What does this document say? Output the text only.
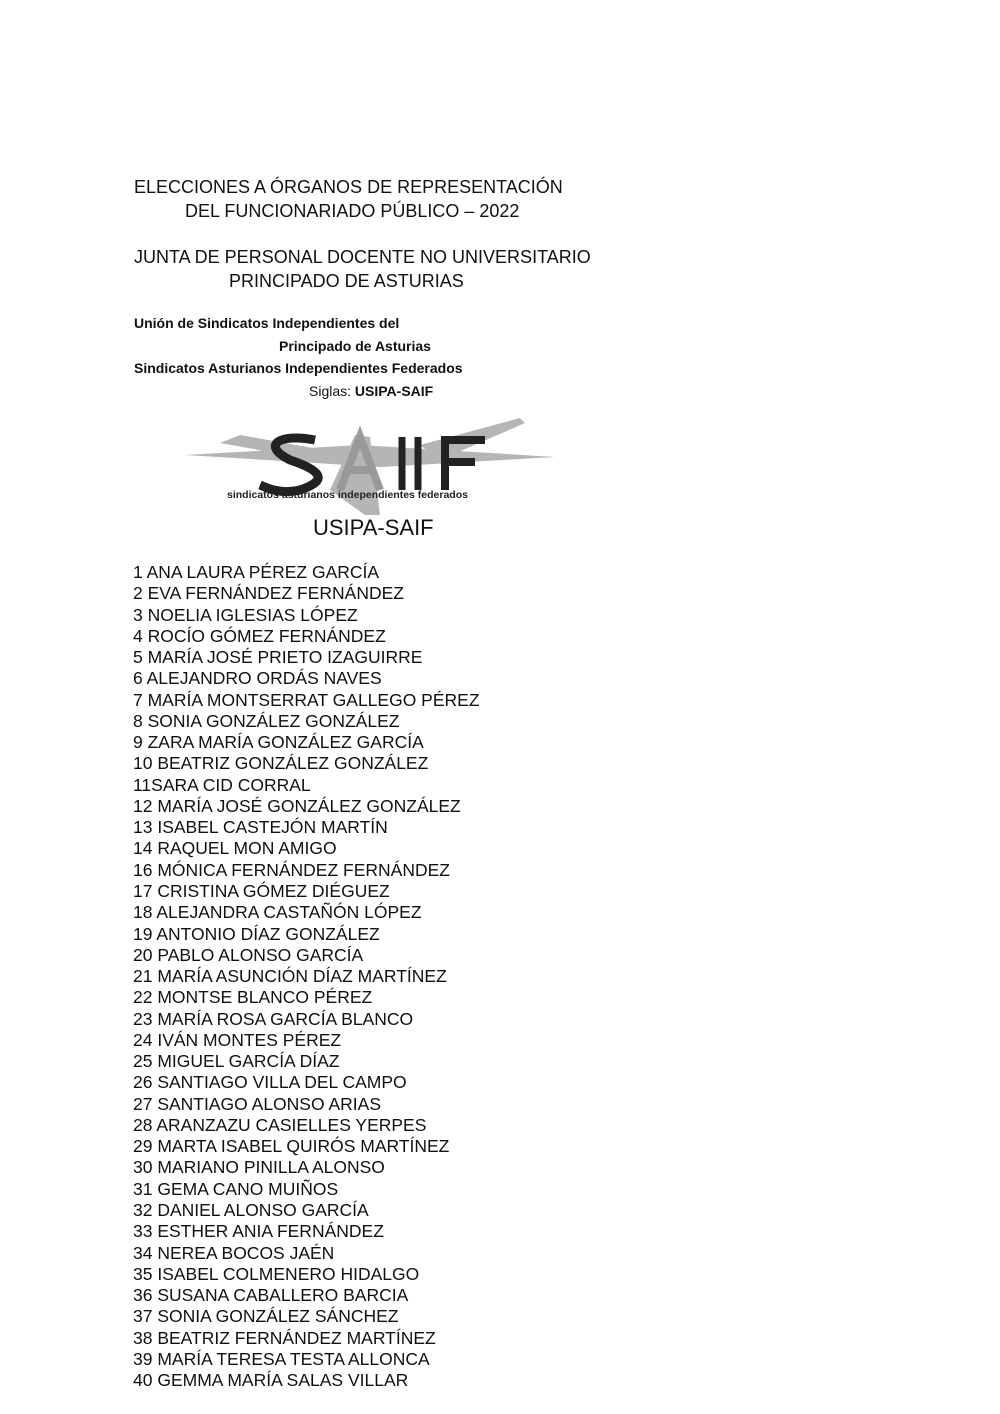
ELECCIONES A ÓRGANOS DE REPRESENTACIÓN
DEL FUNCIONARIADO PÚBLICO – 2022
JUNTA DE PERSONAL DOCENTE NO UNIVERSITARIO
PRINCIPADO DE ASTURIAS
Unión de Sindicatos Independientes del
Principado de Asturias
Sindicatos Asturianos Independientes Federados
Siglas: USIPA-SAIF
sindicatos asturianos independientes federados
USIPA-SAIF
1 ANA LAURA PÉREZ GARCÍA
2 EVA FERNÁNDEZ FERNÁNDEZ
3 NOELIA IGLESIAS LÓPEZ
4 ROCÍO GÓMEZ FERNÁNDEZ
5 MARÍA JOSÉ PRIETO IZAGUIRRE
6 ALEJANDRO ORDÁS NAVES
7 MARÍA MONTSERRAT GALLEGO PÉREZ
8 SONIA GONZÁLEZ GONZÁLEZ
9 ZARA MARÍA GONZÁLEZ GARCÍA
10 BEATRIZ GONZÁLEZ GONZÁLEZ
11SARA CID CORRAL
12 MARÍA JOSÉ GONZÁLEZ GONZÁLEZ
13 ISABEL CASTEJÓN MARTÍN
14 RAQUEL MON AMIGO
16 MÓNICA FERNÁNDEZ FERNÁNDEZ
17 CRISTINA GÓMEZ DIÉGUEZ
18 ALEJANDRA CASTAÑÓN LÓPEZ
19 ANTONIO DÍAZ GONZÁLEZ
20 PABLO ALONSO GARCÍA
21 MARÍA ASUNCIÓN DÍAZ MARTÍNEZ
22 MONTSE BLANCO PÉREZ
23 MARÍA ROSA GARCÍA BLANCO
24 IVÁN MONTES PÉREZ
25 MIGUEL GARCÍA DÍAZ
26 SANTIAGO VILLA DEL CAMPO
27 SANTIAGO ALONSO ARIAS
28 ARANZAZU CASIELLES YERPES
29 MARTA ISABEL QUIRÓS MARTÍNEZ
30 MARIANO PINILLA ALONSO
31 GEMA CANO MUIÑOS
32 DANIEL ALONSO GARCÍA
33 ESTHER ANIA FERNÁNDEZ
34 NEREA BOCOS JAÉN
35 ISABEL COLMENERO HIDALGO
36 SUSANA CABALLERO BARCIA
37 SONIA GONZÁLEZ SÁNCHEZ
38 BEATRIZ FERNÁNDEZ MARTÍNEZ
39 MARÍA TERESA TESTA ALLONCA
40 GEMMA MARÍA SALAS VILLAR
